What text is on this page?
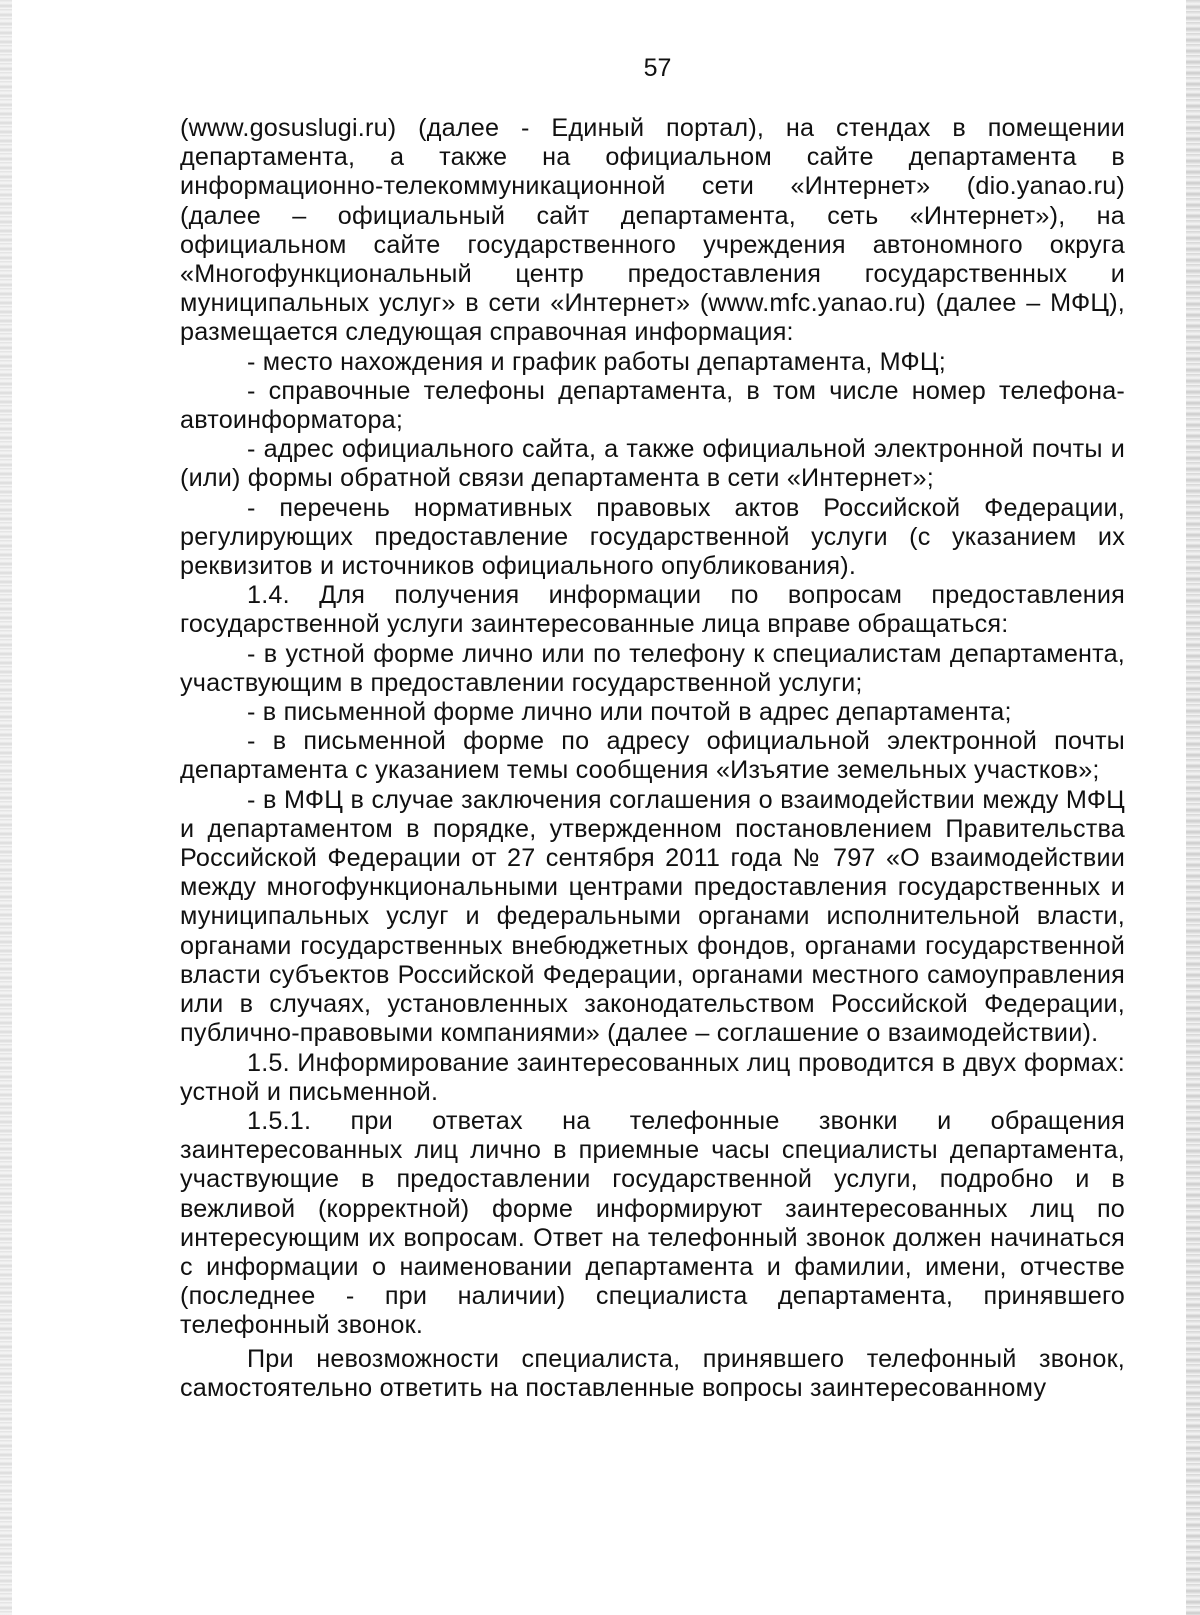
57

(www.gosuslugi.ru) (далее - Единый портал), на стендах в помещении департамента, а также на официальном сайте департамента в информационно-телекоммуникационной сети «Интернет» (dio.yanao.ru) (далее – официальный сайт департамента, сеть «Интернет»), на официальном сайте государственного учреждения автономного округа «Многофункциональный центр предоставления государственных и муниципальных услуг» в сети «Интернет» (www.mfc.yanao.ru) (далее – МФЦ), размещается следующая справочная информация:

- место нахождения и график работы департамента, МФЦ;

- справочные телефоны департамента, в том числе номер телефона-автоинформатора;

- адрес официального сайта, а также официальной электронной почты и (или) формы обратной связи департамента в сети «Интернет»;

- перечень нормативных правовых актов Российской Федерации, регулирующих предоставление государственной услуги (с указанием их реквизитов и источников официального опубликования).

1.4. Для получения информации по вопросам предоставления государственной услуги заинтересованные лица вправе обращаться:

- в устной форме лично или по телефону к специалистам департамента, участвующим в предоставлении государственной услуги;

- в письменной форме лично или почтой в адрес департамента;

- в письменной форме по адресу официальной электронной почты департамента с указанием темы сообщения «Изъятие земельных участков»;

- в МФЦ в случае заключения соглашения о взаимодействии между МФЦ и департаментом в порядке, утвержденном постановлением Правительства Российской Федерации от 27 сентября 2011 года № 797 «О взаимодействии между многофункциональными центрами предоставления государственных и муниципальных услуг и федеральными органами исполнительной власти, органами государственных внебюджетных фондов, органами государственной власти субъектов Российской Федерации, органами местного самоуправления или в случаях, установленных законодательством Российской Федерации, публично-правовыми компаниями» (далее – соглашение о взаимодействии).

1.5. Информирование заинтересованных лиц проводится в двух формах: устной и письменной.

1.5.1. при ответах на телефонные звонки и обращения заинтересованных лиц лично в приемные часы специалисты департамента, участвующие в предоставлении государственной услуги, подробно и в вежливой (корректной) форме информируют заинтересованных лиц по интересующим их вопросам. Ответ на телефонный звонок должен начинаться с информации о наименовании департамента и фамилии, имени, отчестве (последнее - при наличии) специалиста департамента, принявшего телефонный звонок.

При невозможности специалиста, принявшего телефонный звонок, самостоятельно ответить на поставленные вопросы заинтересованному
